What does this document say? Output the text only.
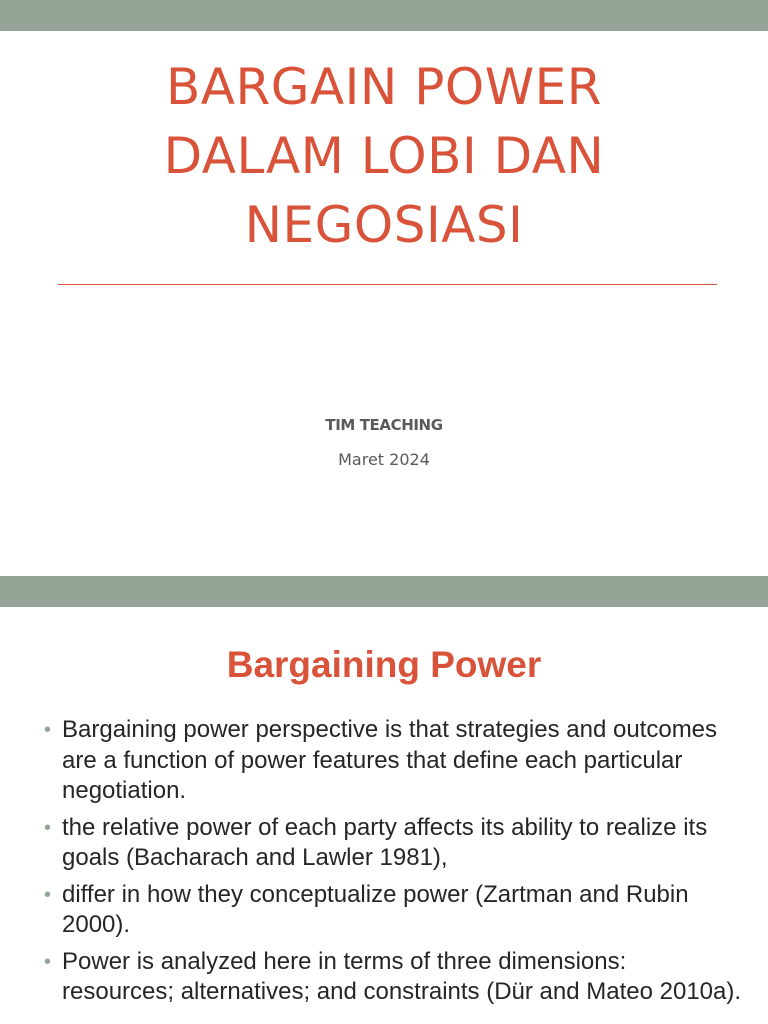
BARGAIN POWER
DALAM LOBI DAN
NEGOSIASI
TIM TEACHING
Maret 2024
Bargaining Power
• Bargaining power perspective is that strategies and outcomes are a function of power features that define each particular negotiation.
• the relative power of each party affects its ability to realize its goals (Bacharach and Lawler 1981),
• differ in how they conceptualize power (Zartman and Rubin 2000).
• Power is analyzed here in terms of three dimensions: resources; alternatives; and constraints (Dür and Mateo 2010a).
